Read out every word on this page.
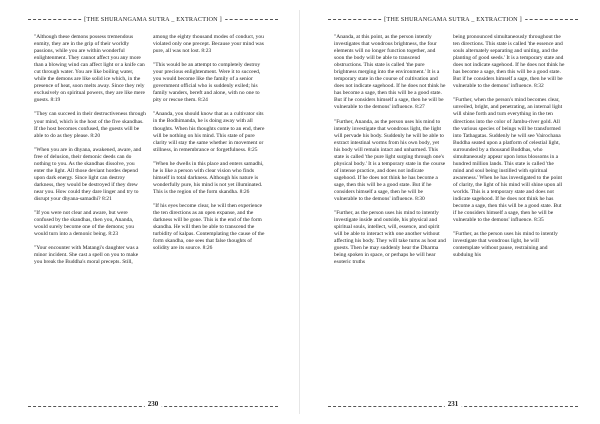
[THE SHURANGAMA SUTRA _ EXTRACTION ]

"Although these demons possess tremendous enmity, they are in the grip of their worldly passions, while you are within wonderful enlightenment. They cannot affect you any more than a blowing wind can affect light or a knife can cut through water. You are like boiling water, while the demons are like solid ice which, in the presence of heat, soon melts away. Since they rely exclusively on spiritual powers, they are like mere guests. 8:19

"They can succeed in their destructiveness through your mind, which is the host of the five skandhas. If the host becomes confused, the guests will be able to do as they please. 8:20

"When you are in dhyana, awakened, aware, and free of delusion, their demonic deeds can do nothing to you. As the skandhas dissolve, you enter the light. All those deviant hordes depend upon dark energy. Since light can destroy darkness, they would be destroyed if they drew near you. How could they dare linger and try to disrupt your dhyana-samadhi? 8:21

"If you were not clear and aware, but were confused by the skandhas, then you, Ananda, would surely become one of the demons; you would turn into a demonic being. 8:23

"Your encounter with Matangi's daughter was a minor incident. She cast a spell on you to make you break the Buddha's moral precepts. Still,

among the eighty thousand modes of conduct, you violated only one precept. Because your mind was pure, all was not lost. 8:23

"This would be an attempt to completely destroy your precious enlightenment. Were it to succeed, you would become like the family of a senior government official who is suddenly exiled; his family wanders, bereft and alone, with no one to pity or rescue them. 8:24

"Ananda, you should know that as a cultivator sits in the Bodhimanda, he is doing away with all thoughts. When his thoughts come to an end, there will be nothing on his mind. This state of pure clarity will stay the same whether in movement or stillness, in remembrance or forgetfulness. 8:25

"When he dwells in this place and enters samadhi, he is like a person with clear vision who finds himself in total darkness. Although his nature is wonderfully pure, his mind is not yet illuminated. This is the region of the form skandha. 8:26

"If his eyes become clear, he will then experience the ten directions as an open expanse, and the darkness will be gone. This is the end of the form skandha. He will then be able to transcend the turbidity of kalpas. Contemplating the cause of the form skandha, one sees that false thoughts of solidity are its source. 8:26

230
[THE SHURANGAMA SUTRA _ EXTRACTION ]

"Ananda, at this point, as the person intently investigates that wondrous brightness, the four elements will no longer function together, and soon the body will be able to transcend obstructions. This state is called 'the pure brightness merging into the environment.' It is a temporary state in the course of cultivation and does not indicate sagehood. If he does not think he has become a sage, then this will be a good state. But if he considers himself a sage, then he will be vulnerable to the demons' influence. 8:27

"Further, Ananda, as the person uses his mind to intently investigate that wondrous light, the light will pervade his body. Suddenly he will be able to extract intestinal worms from his own body, yet his body will remain intact and unharmed. This state is called 'the pure light surging through one's physical body.' It is a temporary state in the course of intense practice, and does not indicate sagehood. If he does not think he has become a sage, then this will be a good state. But if he considers himself a sage, then he will be vulnerable to the demons' influence. 8:30

"Further, as the person uses his mind to intently investigate inside and outside, his physical and spiritual souls, intellect, will, essence, and spirit will be able to interact with one another without affecting his body. They will take turns as host and guests. Then he may suddenly hear the Dharma being spoken in space, or perhaps he will hear esoteric truths

being pronounced simultaneously throughout the ten directions. This state is called 'the essence and souls alternately separating and uniting, and the planting of good seeds.' It is a temporary state and does not indicate sagehood. If he does not think he has become a sage, then this will be a good state. But if he considers himself a sage, then he will be vulnerable to the demons' influence. 8:32

"Further, when the person's mind becomes clear, unveiled, bright, and penetrating, an internal light will shine forth and turn everything in the ten directions into the color of Jambu-river gold. All the various species of beings will be transformed into Tathagatas. Suddenly he will see Vairochana Buddha seated upon a platform of celestial light, surrounded by a thousand Buddhas, who simultaneously appear upon lotus blossoms in a hundred million lands. This state is called 'the mind and soul being instilled with spiritual awareness.' When he has investigated to the point of clarity, the light of his mind will shine upon all worlds. This is a temporary state and does not indicate sagehood. If he does not think he has become a sage, then this will be a good state. But if he considers himself a sage, then he will be vulnerable to the demons' influence. 8:35

"Further, as the person uses his mind to intently investigate that wondrous light, he will contemplate without pause, restraining and subduing his

231
